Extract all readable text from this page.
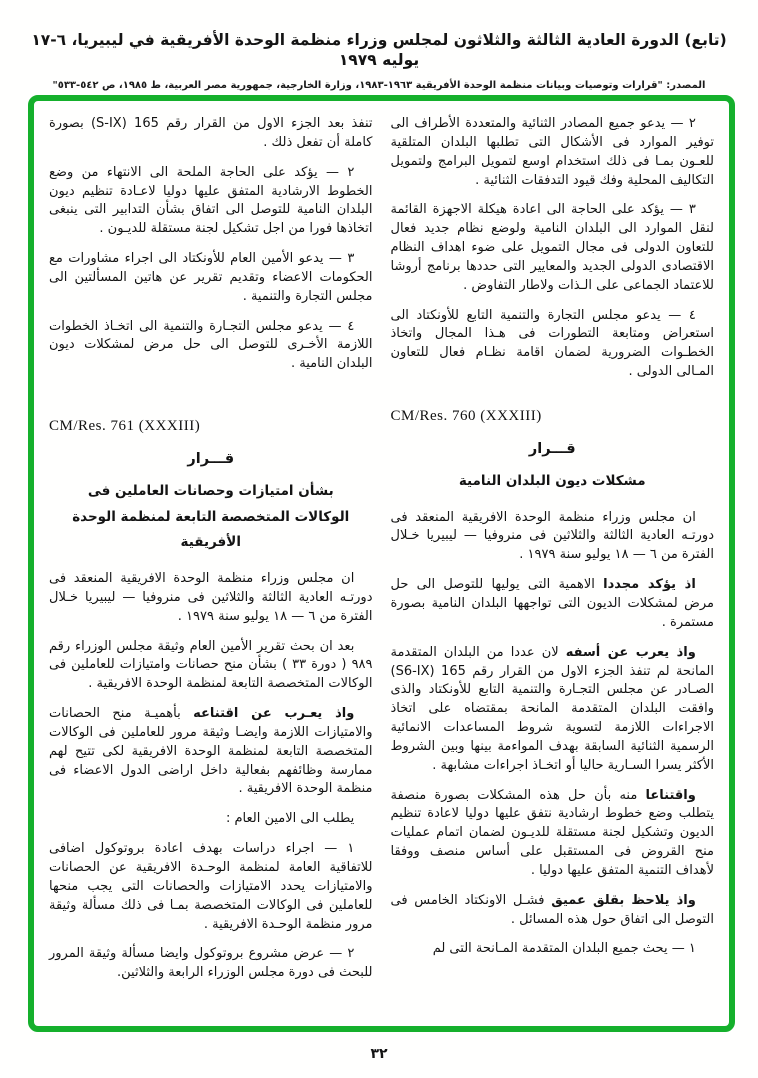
(تابع) الدورة العادية الثالثة والثلاثون لمجلس وزراء منظمة الوحدة الأفريقية في ليبيريا، ٦-١٧ يوليه ١٩٧٩
المصدر: "قرارات وتوصيات وبيانات منظمة الوحدة الأفريقية ١٩٦٣-١٩٨٣، وزارة الخارجية، جمهورية مصر العربية، ط ١٩٨٥، ص ٥٤٢-٥٣٣"

٢ — يدعو جميع المصادر الثنائية والمتعددة الأطراف الى توفير الموارد فى الأشكال التى تطلبها البلدان المتلقية للعـون بمـا فى ذلك استخدام اوسع لتمويل البرامج ولتمويل التكاليف المحلية وفك قيود التدفقات الثنائية .

٣ — يؤكد على الحاجة الى اعادة هيكلة الاجهزة القائمة لنقل الموارد الى البلدان النامية ولوضع نظام جديد فعال للتعاون الدولى فى مجال التمويل على ضوء اهداف النظام الاقتصادى الدولى الجديد والمعايير التى حددها برنامج أروشا للاعتماد الجماعى على الـذات ولاطار التفاوض .

٤ — يدعو مجلس التجارة والتنمية التابع للأونكتاد الى استعراض ومتابعة التطورات فى هـذا المجال واتخاذ الخطـوات الضرورية لضمان اقامة نظـام فعال للتعاون المـالى الدولى .

CM/Res. 760 (XXXIII)
قـــرار
مشكلات ديون البلدان النامية

ان مجلس وزراء منظمة الوحدة الافريقية المنعقد فى دورتـه العادية الثالثة والثلاثين فى منروفيا — ليبيريا خـلال الفترة من ٦ — ١٨ يوليو سنة ١٩٧٩ .

اذ يؤكد مجددا الاهمية التى يوليها للتوصل الى حل مرض لمشكلات الديون التى تواجهها البلدان النامية بصورة مستمرة .

واذ يعرب عن أسفه لان عددا من البلدان المتقدمة المانحة لم تنفذ الجزء الاول من القرار رقم 165 (S6-IX) الصـادر عن مجلس التجـارة والتنمية التابع للأونكتاد والذى وافقت البلدان المتقدمة المانحة بمقتضاه على اتخاذ الاجراءات اللازمة لتسوية شروط المساعدات الانمائية الرسمية الثنائية السابقة بهدف المواءمة بينها وبين الشروط الأكثر يسرا السـارية حاليا أو اتخـاذ اجراءات مشابهة .

واقتناعا منه بأن حل هذه المشكلات بصورة منصفة يتطلب وضع خطوط ارشادية نتفق عليها دوليا لاعادة تنظيم الديون وتشكيل لجنة مستقلة للديـون لضمان اتمام عمليات منح القروض فى المستقبل على أساس منصف ووفقا لأهداف التنمية المتفق عليها دوليا .

واذ يلاحظ بقلق عميق فشـل الاونكتاد الخامس فى التوصل الى اتفاق حول هذه المسائل .

١ — يحث جميع البلدان المتقدمة المـانحة التى لم

تنفذ بعد الجزء الاول من القرار رقم 165 (S-IX) بصورة كاملة أن تفعل ذلك .

٢ — يؤكد على الحاجة الملحة الى الانتهاء من وضع الخطوط الارشادية المتفق عليها دوليا لاعـادة تنظيم ديون البلدان النامية للتوصل الى اتفاق بشأن التدابير التى ينبغى اتخاذها فورا من اجل تشكيل لجنة مستقلة للديـون .

٣ — يدعو الأمين العام للأونكتاد الى اجراء مشاورات مع الحكومات الاعضاء وتقديم تقرير عن هاتين المسألتين الى مجلس التجارة والتنمية .

٤ — يدعو مجلس التجـارة والتنمية الى اتخـاذ الخطوات اللازمة الأخـرى للتوصل الى حل مرض لمشكلات ديون البلدان النامية .

CM/Res. 761 (XXXIII)
قـــرار
بشأن امتيازات وحصانات العاملين فى الوكالات المتخصصة التابعة لمنظمة الوحدة الأفريقية

ان مجلس وزراء منظمة الوحدة الافريقية المنعقد فى دورتـه العادية الثالثة والثلاثين فى منروفيا — ليبيريا خـلال الفترة من ٦ — ١٨ يوليو سنة ١٩٧٩ .

بعد ان بحث تقرير الأمين العام وثيقة مجلس الوزراء رقم ٩٨٩ ( دورة ٣٣ ) بشأن منح حصانات وامتيازات للعاملين فى الوكالات المتخصصة التابعة لمنظمة الوحدة الافريقية .

واذ يعـرب عن اقتناعه بأهميـة منح الحصانات والامتيازات اللازمة وايضـا وثيقة مرور للعاملين فى الوكالات المتخصصة التابعة لمنظمة الوحدة الافريقية لكى تتيح لهم ممارسة وظائفهم بفعالية داخل اراضى الدول الاعضاء فى منظمة الوحدة الافريقية .

يطلب الى الامين العام :

١ — اجراء دراسات بهدف اعادة بروتوكول اضافى للاتفاقية العامة لمنظمة الوحـدة الافريقية عن الحصانات والامتيازات يحدد الامتيازات والحصانات التى يجب منحها للعاملين فى الوكالات المتخصصة بمـا فى ذلك مسألة وثيقة مرور منظمة الوحـدة الافريقية .

٢ — عرض مشروع بروتوكول وايضا مسألة وثيقة المرور للبحث فى دورة مجلس الوزراء الرابعة والثلاثين.

٣٢
